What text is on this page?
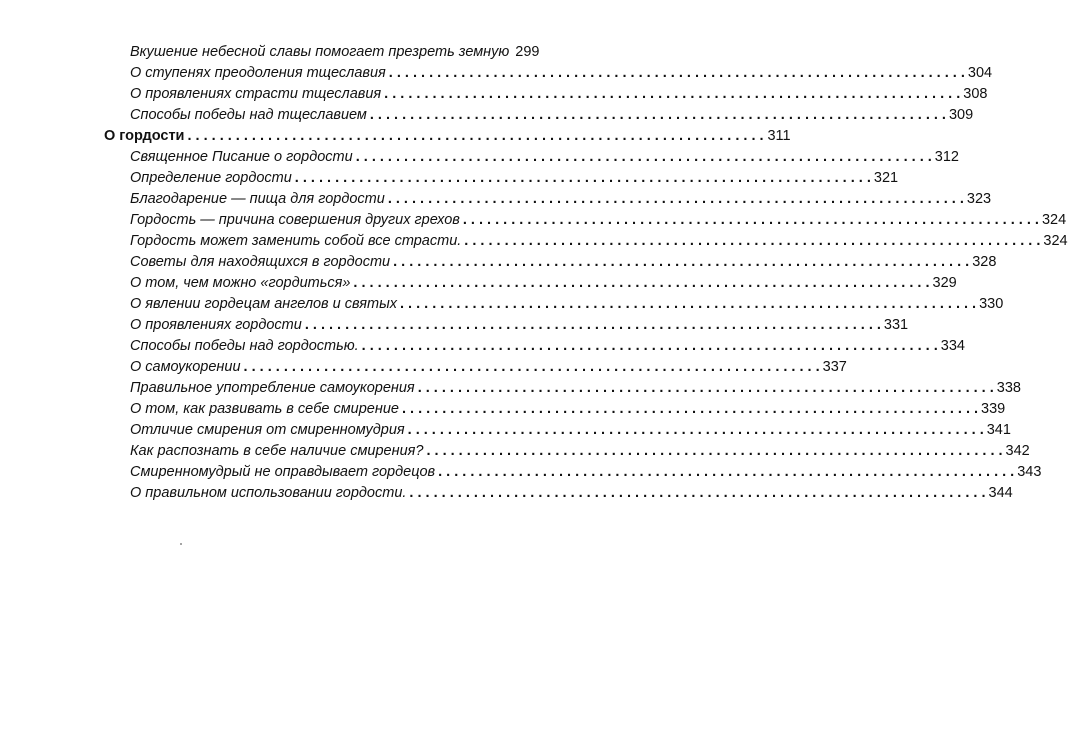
Вкушение небесной славы помогает презреть земную 299
О ступенях преодоления тщеславия . . .	304
О проявлениях страсти тщеславия . . .	308
Способы победы над тщеславием . . .	309
О гордости . . .	311
Священное Писание о гордости . . .	312
Определение гордости . . .	321
Благодарение — пища для гордости . . .	323
Гордость — причина совершения других грехов . . .	324
Гордость может заменить собой все страсти. . . .	324
Советы для находящихся в гордости . . .	328
О том, чем можно «гордиться» . . .	329
О явлении гордецам ангелов и святых . . .	330
О проявлениях гордости . . .	331
Способы победы над гордостью. . . .	334
О самоукорении . . .	337
Правильное употребление самоукорения . . .	338
О том, как развивать в себе смирение . . .	339
Отличие смирения от смиренномудрия . . .	341
Как распознать в себе наличие смирения? . . .	342
Смиренномудрый не оправдывает гордецов . . .	343
О правильном использовании гордости. . . .	344
